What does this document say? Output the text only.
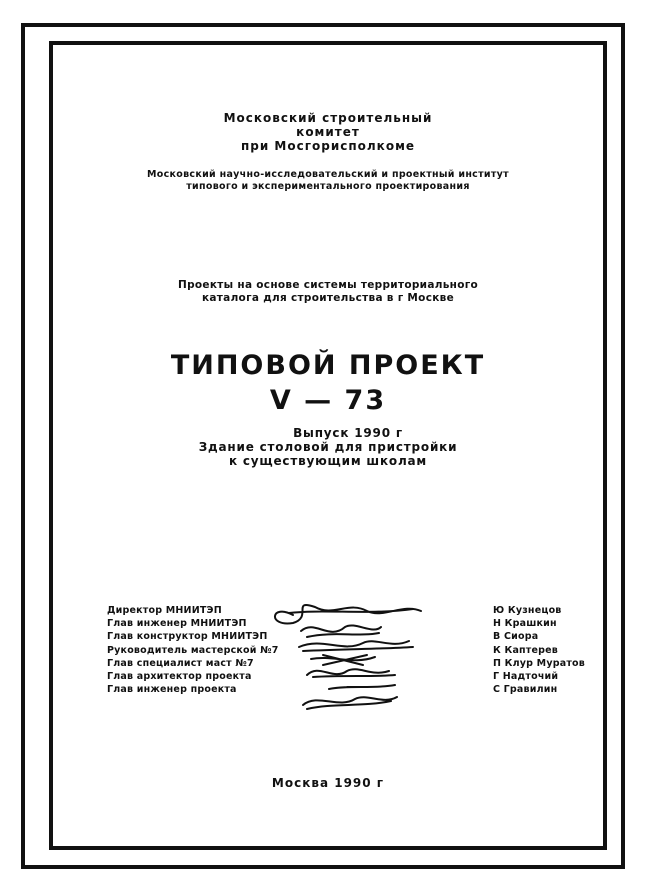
Московский строительный
комитет
при Мосгорисполкоме
Московский научно-исследовательский и проектный институт
типового и экспериментального проектирования
Проекты на основе системы территориального
каталога для строительства в г Москве
ТИПОВОЙ ПРОЕКТ
V — 73
Выпуск 1990 г
Здание столовой для пристройки
к существующим школам
Директор МНИИТЭП	Ю Кузнецов
Глав инженер МНИИТЭП	Н Крашкин
Глав конструктор МНИИТЭП	В Сиора
Руководитель мастерской №7	К Каптерев
Глав специалист маст №7	П Клур Муратов
Глав архитектор проекта	Г Надточий
Глав инженер проекта	С Гравилин
Москва 1990 г
